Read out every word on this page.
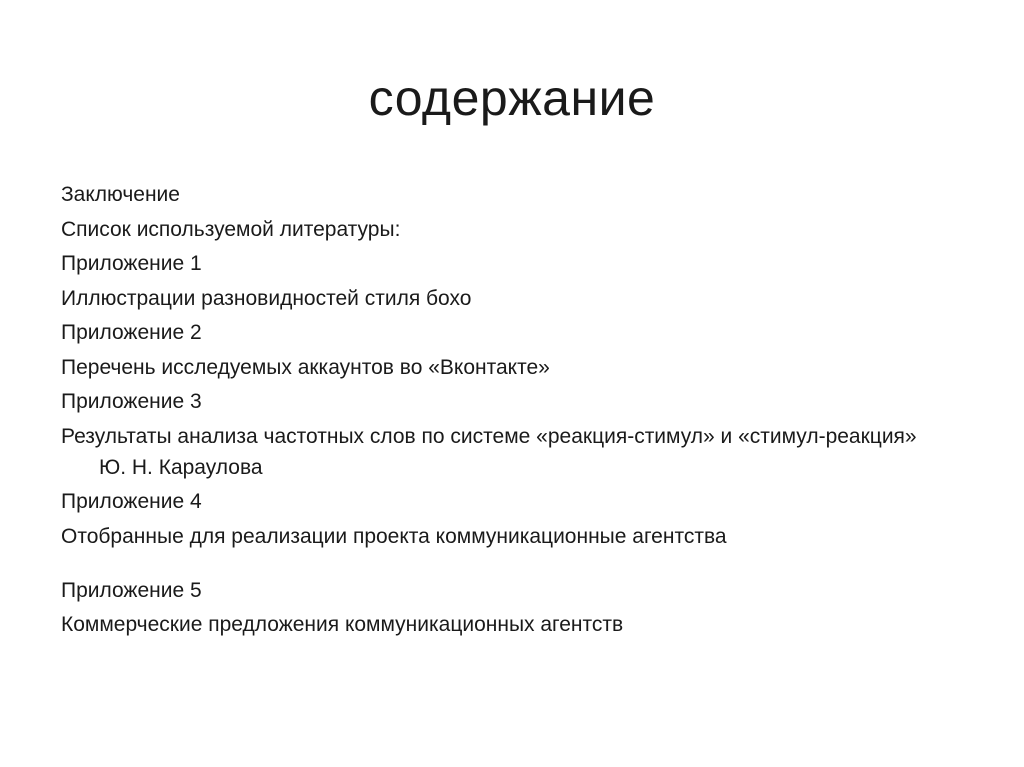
содержание
Заключение
Список используемой литературы:
Приложение 1
Иллюстрации разновидностей стиля бохо
Приложение 2
Перечень исследуемых аккаунтов во «Вконтакте»
Приложение 3
Результаты анализа частотных слов по системе «реакция-стимул» и «стимул-реакция» Ю. Н. Караулова
Приложение 4
Отобранные для реализации проекта коммуникационные агентства
Приложение 5
Коммерческие предложения коммуникационных агентств
